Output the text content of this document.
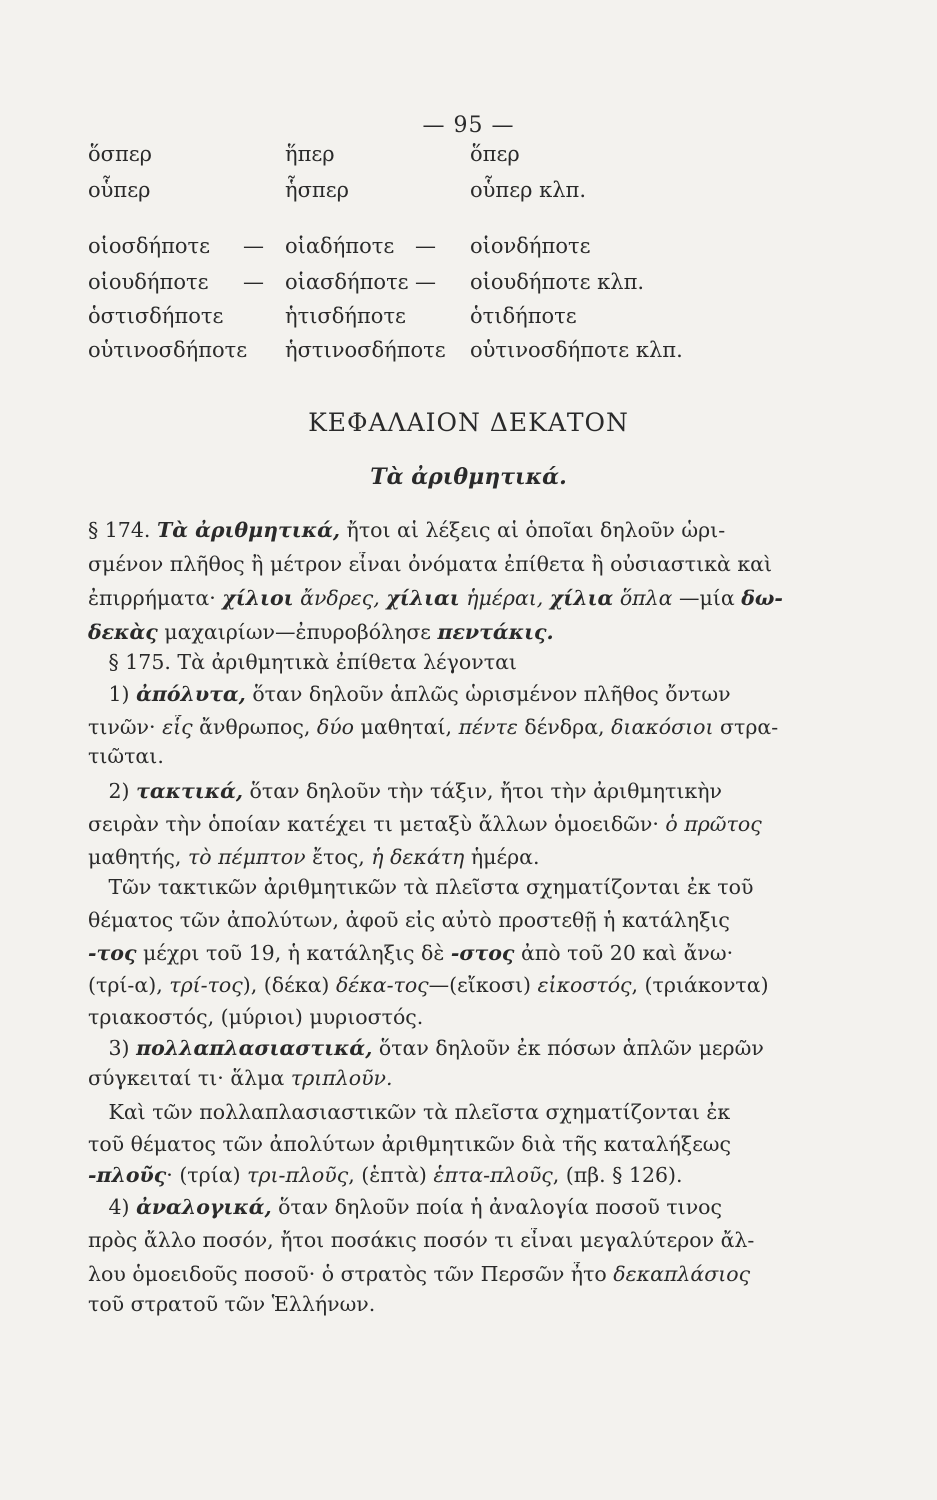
— 95 —
ὅσπερ	ἥπερ	ὅπερ
οὗπερ	ἧσπερ	οὗπερ κλπ.
οἱοσδήποτε — οἱαδήποτε — οἱονδήποτε
οἱουδήποτε — οἱασδήποτε — οἱουδήποτε κλπ.
ὁστισδήποτε	ἡτισδήποτε	ὁτιδήποτε
οὑτινοσδήποτε ἡστινοσδήποτε οὑτινοσδήποτε κλπ.
ΚΕΦΑΛΑΙΟΝ ΔΕΚΑΤΟΝ
Τὰ ἀριθμητικά.
§ 174. Τὰ ἀριθμητικά, ἤτοι αἱ λέξεις αἱ ὁποῖαι δηλοῦν ὡρι-
σμένον πλῆθος ἢ μέτρον εἶναι ὀνόματα ἐπίθετα ἢ οὐσιαστικὰ καὶ
ἐπιρρήματα· χίλιοι ἄνδρες, χίλιαι ἡμέραι, χίλια ὅπλα —μία δω-
δεκὰς μαχαιρίων—ἐπυροβόλησε πεντάκις.
 § 175. Τὰ ἀριθμητικὰ ἐπίθετα λέγονται
 1) ἀπόλυτα, ὅταν δηλοῦν ἁπλῶς ὡρισμένον πλῆθος ὄντων
τινῶν· εἷς ἄνθρωπος, δύο μαθηταί, πέντε δένδρα, διακόσιοι στρα-
τιῶται.
 2) τακτικά, ὅταν δηλοῦν τὴν τάξιν, ἤτοι τὴν ἀριθμητικὴν
σειρὰν τὴν ὁποίαν κατέχει τι μεταξὺ ἄλλων ὁμοειδῶν· ὁ πρῶτος
μαθητής, τὸ πέμπτον ἔτος, ἡ δεκάτη ἡμέρα.
 Τῶν τακτικῶν ἀριθμητικῶν τὰ πλεῖστα σχηματίζονται ἐκ τοῦ
θέματος τῶν ἀπολύτων, ἀφοῦ εἰς αὐτὸ προστεθῇ ἡ κατάληξις
-τος μέχρι τοῦ 19, ἡ κατάληξις δὲ -στος ἀπὸ τοῦ 20 καὶ ἄνω·
(τρί-α), τρί-τος), (δέκα) δέκα-τος—(εἴκοσι) εἰκοστός, (τριάκοντα)
τριακοστός, (μύριοι) μυριοστός.
 3) πολλαπλασιαστικά, ὅταν δηλοῦν ἐκ πόσων ἁπλῶν μερῶν
σύγκειταί τι· ἅλμα τριπλοῦν.
 Καὶ τῶν πολλαπλασιαστικῶν τὰ πλεῖστα σχηματίζονται ἐκ
τοῦ θέματος τῶν ἀπολύτων ἀριθμητικῶν διὰ τῆς καταλήξεως
-πλοῦς· (τρία) τρι-πλοῦς, (ἑπτὰ) ἑπτα-πλοῦς, (πβ. § 126).
 4) ἀναλογικά, ὅταν δηλοῦν ποία ἡ ἀναλογία ποσοῦ τινος
πρὸς ἄλλο ποσόν, ἤτοι ποσάκις ποσόν τι εἶναι μεγαλύτερον ἄλ-
λου ὁμοειδοῦς ποσοῦ· ὁ στρατὸς τῶν Περσῶν ἦτο δεκαπλάσιος
τοῦ στρατοῦ τῶν Ἑλλήνων.
